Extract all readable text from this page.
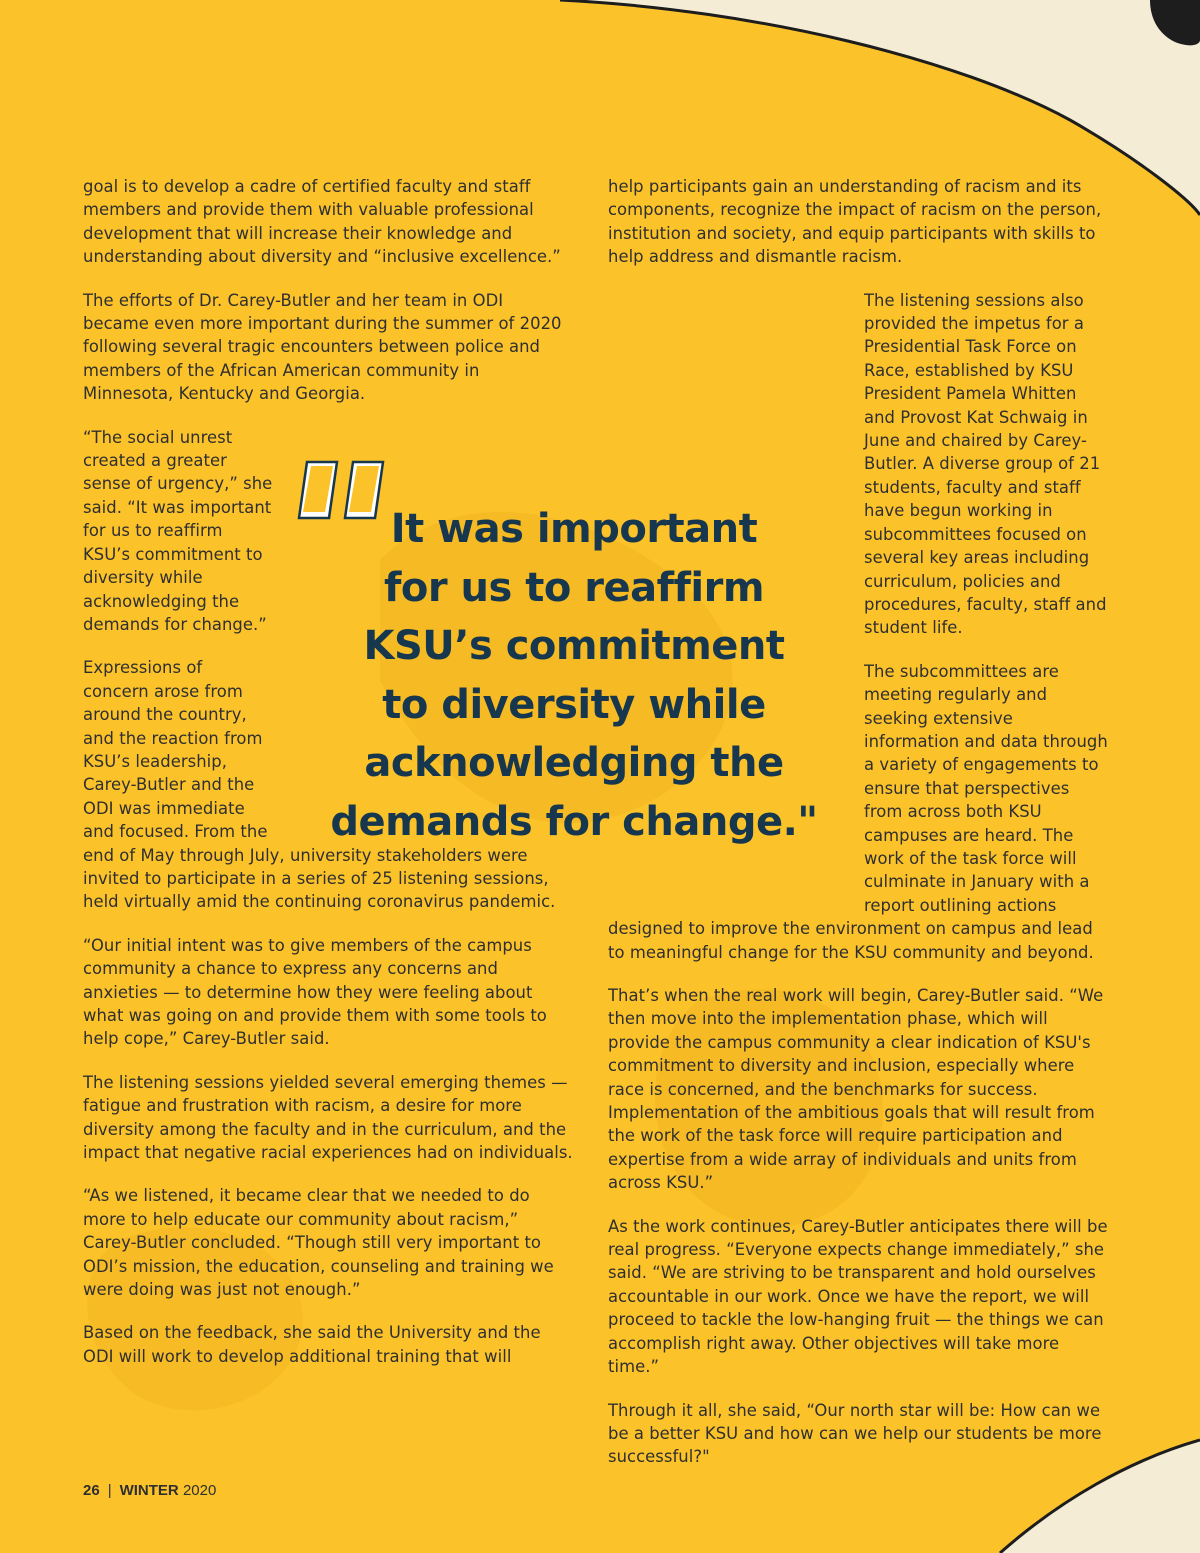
goal is to develop a cadre of certified faculty and staff members and provide them with valuable professional development that will increase their knowledge and understanding about diversity and “inclusive excellence.”

The efforts of Dr. Carey-Butler and her team in ODI became even more important during the summer of 2020 following several tragic encounters between police and members of the African American community in Minnesota, Kentucky and Georgia.

“The social unrest created a greater sense of urgency,” she said. “It was important for us to reaffirm KSU’s commitment to diversity while acknowledging the demands for change.”

Expressions of concern arose from around the country, and the reaction from KSU’s leadership, Carey-Butler and the ODI was immediate and focused. From the end of May through July, university stakeholders were invited to participate in a series of 25 listening sessions, held virtually amid the continuing coronavirus pandemic.

“Our initial intent was to give members of the campus community a chance to express any concerns and anxieties — to determine how they were feeling about what was going on and provide them with some tools to help cope,” Carey-Butler said.

The listening sessions yielded several emerging themes — fatigue and frustration with racism, a desire for more diversity among the faculty and in the curriculum, and the impact that negative racial experiences had on individuals.

“As we listened, it became clear that we needed to do more to help educate our community about racism,” Carey-Butler concluded. “Though still very important to ODI’s mission, the education, counseling and training we were doing was just not enough.”

Based on the feedback, she said the University and the ODI will work to develop additional training that will

help participants gain an understanding of racism and its components, recognize the impact of racism on the person, institution and society, and equip participants with skills to help address and dismantle racism.

The listening sessions also provided the impetus for a Presidential Task Force on Race, established by KSU President Pamela Whitten and Provost Kat Schwaig in June and chaired by Carey-Butler. A diverse group of 21 students, faculty and staff have begun working in subcommittees focused on several key areas including curriculum, policies and procedures, faculty, staff and student life.

The subcommittees are meeting regularly and seeking extensive information and data through a variety of engagements to ensure that perspectives from across both KSU campuses are heard. The work of the task force will culminate in January with a report outlining actions designed to improve the environment on campus and lead to meaningful change for the KSU community and beyond.

That’s when the real work will begin, Carey-Butler said. “We then move into the implementation phase, which will provide the campus community a clear indication of KSU's commitment to diversity and inclusion, especially where race is concerned, and the benchmarks for success. Implementation of the ambitious goals that will result from the work of the task force will require participation and expertise from a wide array of individuals and units from across KSU.”

As the work continues, Carey-Butler anticipates there will be real progress. “Everyone expects change immediately,” she said. “We are striving to be transparent and hold ourselves accountable in our work. Once we have the report, we will proceed to tackle the low-hanging fruit — the things we can accomplish right away. Other objectives will take more time.”

Through it all, she said, “Our north star will be: How can we be a better KSU and how can we help our students be more successful?"

It was important
for us to reaffirm
KSU’s commitment
to diversity while
acknowledging the
demands for change."
26 | WINTER 2020
